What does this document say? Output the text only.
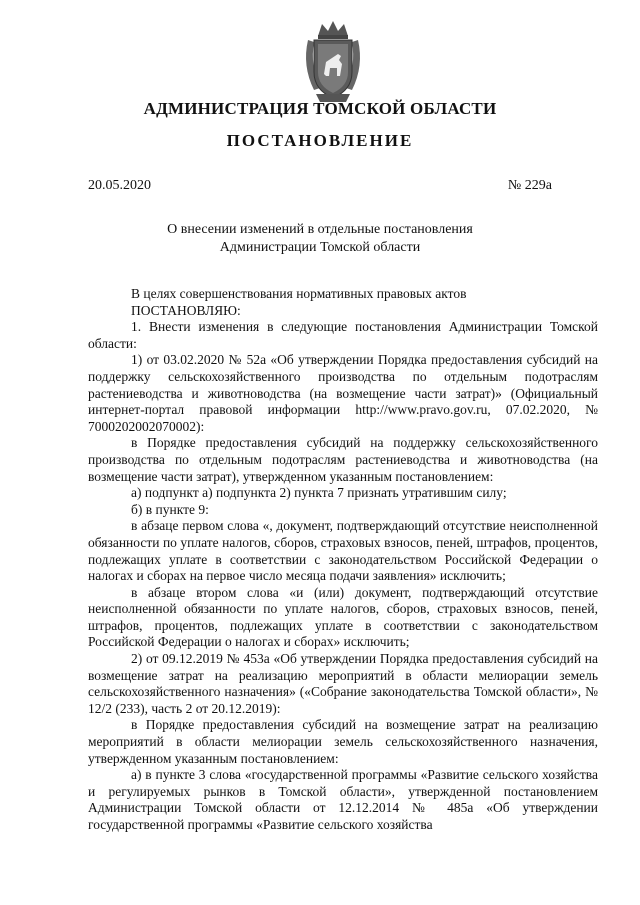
АДМИНИСТРАЦИЯ ТОМСКОЙ ОБЛАСТИ
ПОСТАНОВЛЕНИЕ
20.05.2020	№ 229а
О внесении изменений в отдельные постановления
Администрации Томской области

В целях совершенствования нормативных правовых актов

ПОСТАНОВЛЯЮ:

1. Внести изменения в следующие постановления Администрации Томской области:

1) от 03.02.2020 № 52а «Об утверждении Порядка предоставления субсидий на поддержку сельскохозяйственного производства по отдельным подотраслям растениеводства и животноводства (на возмещение части затрат)» (Официальный интернет-портал правовой информации http://www.pravo.gov.ru, 07.02.2020, № 7000202002070002):

в Порядке предоставления субсидий на поддержку сельскохозяйственного производства по отдельным подотраслям растениеводства и животноводства (на возмещение части затрат), утвержденном указанным постановлением:

а) подпункт а) подпункта 2) пункта 7 признать утратившим силу;

б) в пункте 9:

в абзаце первом слова «, документ, подтверждающий отсутствие неисполненной обязанности по уплате налогов, сборов, страховых взносов, пеней, штрафов, процентов, подлежащих уплате в соответствии с законодательством Российской Федерации о налогах и сборах на первое число месяца подачи заявления» исключить;

в абзаце втором слова «и (или) документ, подтверждающий отсутствие неисполненной обязанности по уплате налогов, сборов, страховых взносов, пеней, штрафов, процентов, подлежащих уплате в соответствии с законодательством Российской Федерации о налогах и сборах» исключить;

2) от 09.12.2019 № 453а «Об утверждении Порядка предоставления субсидий на возмещение затрат на реализацию мероприятий в области мелиорации земель сельскохозяйственного назначения» («Собрание законодательства Томской области», № 12/2 (233), часть 2 от 20.12.2019):

в Порядке предоставления субсидий на возмещение затрат на реализацию мероприятий в области мелиорации земель сельскохозяйственного назначения, утвержденном указанным постановлением:

а) в пункте 3 слова «государственной программы «Развитие сельского хозяйства и регулируемых рынков в Томской области», утвержденной постановлением Администрации Томской области от 12.12.2014 № 485а «Об утверждении государственной программы «Развитие сельского хозяйства
